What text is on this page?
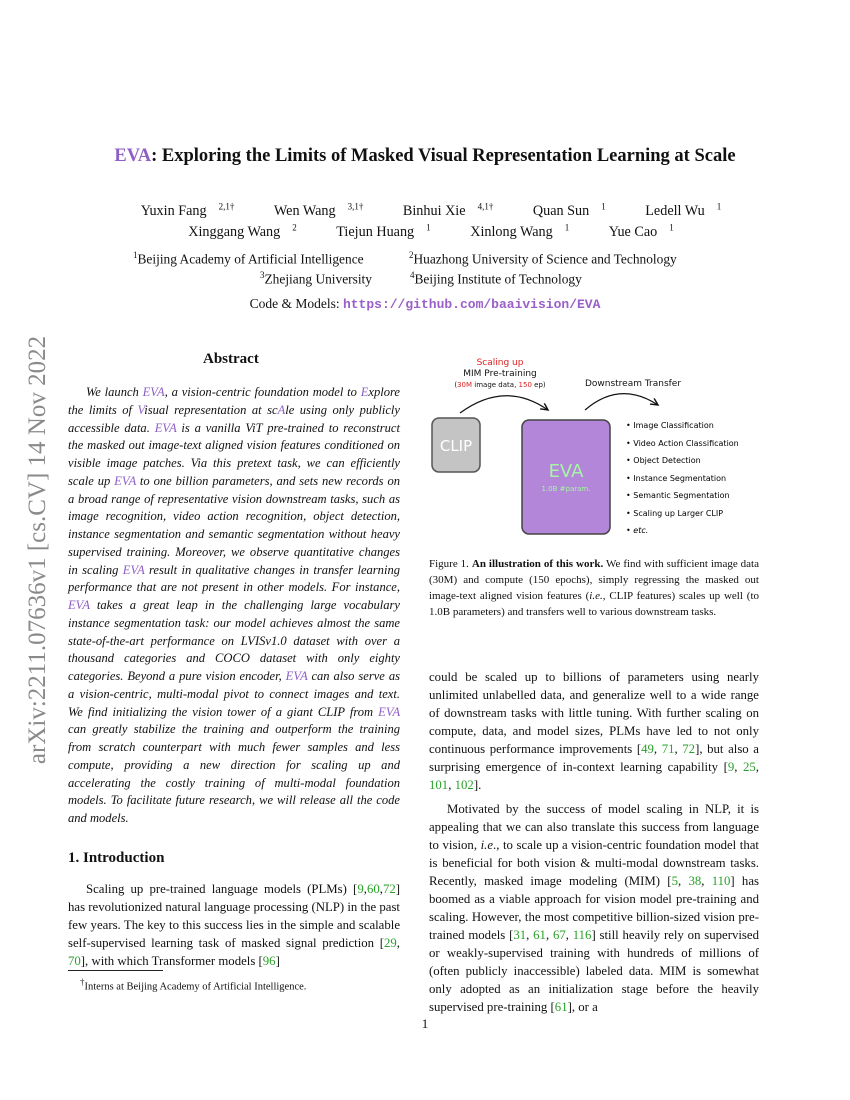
arXiv:2211.07636v1 [cs.CV] 14 Nov 2022
EVA: Exploring the Limits of Masked Visual Representation Learning at Scale
Yuxin Fang $^{2,1\dagger}$	Wen Wang $^{3,1\dagger}$	Binhui Xie $^{4,1\dagger}$	Quan Sun $^1$	Ledell Wu $^1$
Xinggang Wang $^2$	Tiejun Huang $^1$	Xinlong Wang $^1$	Yue Cao $^1$
$^1$Beijing Academy of Artificial Intelligence	$^2$Huazhong University of Science and Technology
$^3$Zhejiang University	$^4$Beijing Institute of Technology
Code & Models: https://github.com/baaivision/EVA
Abstract

We launch EVA, a vision-centric foundation model to Explore the limits of Visual representation at scAle using only publicly accessible data. EVA is a vanilla ViT pre-trained to reconstruct the masked out image-text aligned vision features conditioned on visible image patches. Via this pretext task, we can efficiently scale up EVA to one billion parameters, and sets new records on a broad range of representative vision downstream tasks, such as image recognition, video action recognition, object detection, instance segmentation and semantic segmentation without heavy supervised training. Moreover, we observe quantitative changes in scaling EVA result in qualitative changes in transfer learning performance that are not present in other models. For instance, EVA takes a great leap in the challenging large vocabulary instance segmentation task: our model achieves almost the same state-of-the-art performance on LVISv1.0 dataset with over a thousand categories and COCO dataset with only eighty categories. Beyond a pure vision encoder, EVA can also serve as a vision-centric, multi-modal pivot to connect images and text. We find initializing the vision tower of a giant CLIP from EVA can greatly stabilize the training and outperform the training from scratch counterpart with much fewer samples and less compute, providing a new direction for scaling up and accelerating the costly training of multi-modal foundation models. To facilitate future research, we will release all the code and models.

1. Introduction

Scaling up pre-trained language models (PLMs) [9,60,72] has revolutionized natural language processing (NLP) in the past few years. The key to this success lies in the simple and scalable self-supervised learning task of masked signal prediction [29, 70], with which Transformer models [96]

†Interns at Beijing Academy of Artificial Intelligence.
Scaling up
MIM Pre-training
(30M image data, 150 ep)	Downstream Transfer
CLIP
EVA
1.0B #param.
• Image Classification
• Video Action Classification
• Object Detection
• Instance Segmentation
• Semantic Segmentation
• Scaling up Larger CLIP
• etc.
Figure 1. An illustration of this work. We find with sufficient image data (30M) and compute (150 epochs), simply regressing the masked out image-text aligned vision features (i.e., CLIP features) scales up well (to 1.0B parameters) and transfers well to various downstream tasks.

could be scaled up to billions of parameters using nearly unlimited unlabelled data, and generalize well to a wide range of downstream tasks with little tuning. With further scaling on compute, data, and model sizes, PLMs have led to not only continuous performance improvements [49, 71, 72], but also a surprising emergence of in-context learning capability [9, 25, 101, 102].

Motivated by the success of model scaling in NLP, it is appealing that we can also translate this success from language to vision, i.e., to scale up a vision-centric foundation model that is beneficial for both vision & multi-modal downstream tasks. Recently, masked image modeling (MIM) [5, 38, 110] has boomed as a viable approach for vision model pre-training and scaling. However, the most competitive billion-sized vision pre-trained models [31, 61, 67, 116] still heavily rely on supervised or weakly-supervised training with hundreds of millions of (often publicly inaccessible) labeled data. MIM is somewhat only adopted as an initialization stage before the heavily supervised pre-training [61], or a

1
